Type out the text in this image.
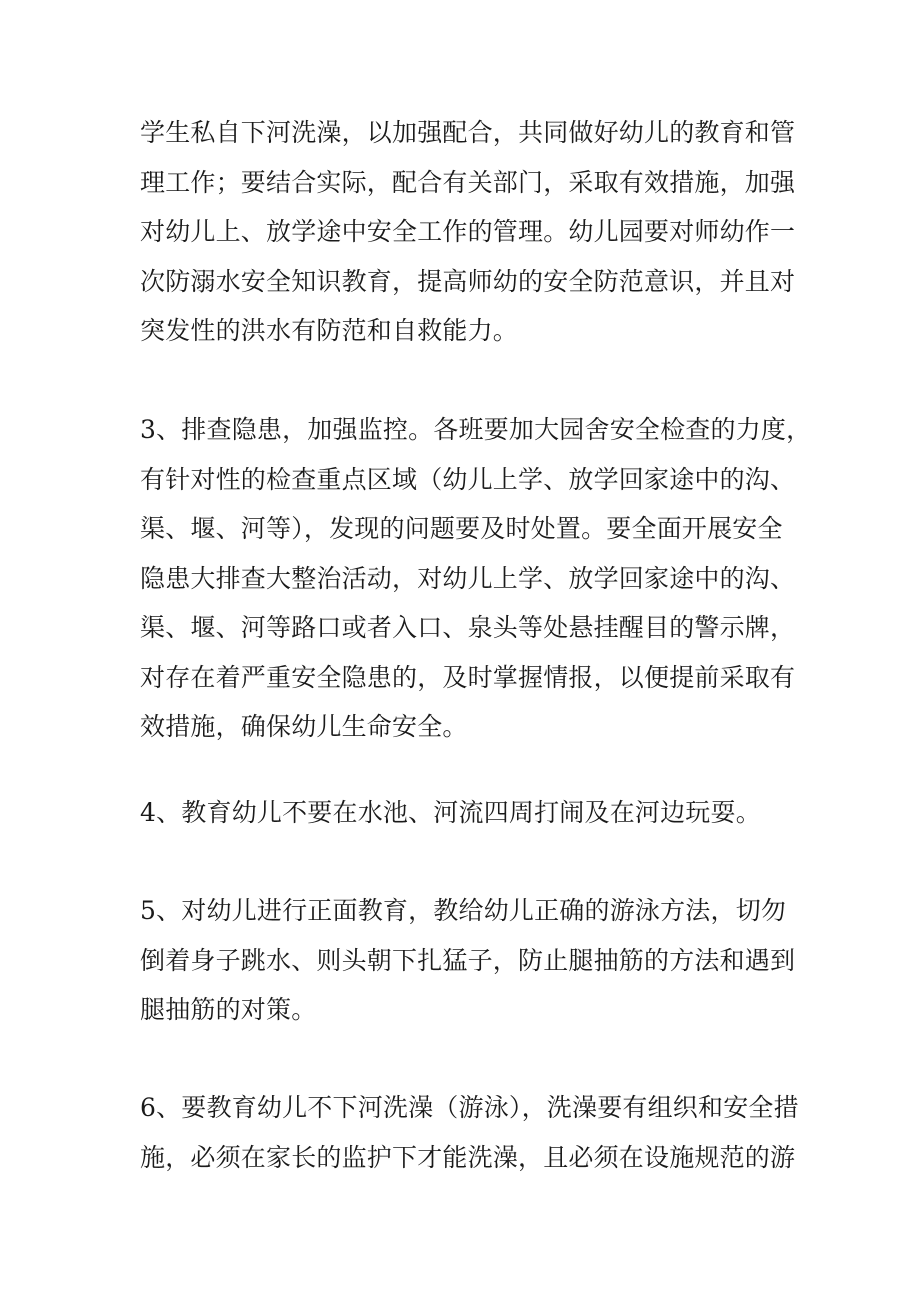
学生私自下河洗澡，以加强配合，共同做好幼儿的教育和管
理工作；要结合实际，配合有关部门，采取有效措施，加强
对幼儿上、放学途中安全工作的管理。幼儿园要对师幼作一
次防溺水安全知识教育，提高师幼的安全防范意识，并且对
突发性的洪水有防范和自救能力。

3、排查隐患，加强监控。各班要加大园舍安全检查的力度，
有针对性的检查重点区域（幼儿上学、放学回家途中的沟、
渠、堰、河等），发现的问题要及时处置。要全面开展安全
隐患大排查大整治活动，对幼儿上学、放学回家途中的沟、
渠、堰、河等路口或者入口、泉头等处悬挂醒目的警示牌，
对存在着严重安全隐患的，及时掌握情报，以便提前采取有
效措施，确保幼儿生命安全。

4、教育幼儿不要在水池、河流四周打闹及在河边玩耍。

5、对幼儿进行正面教育，教给幼儿正确的游泳方法，切勿
倒着身子跳水、则头朝下扎猛子，防止腿抽筋的方法和遇到
腿抽筋的对策。

6、要教育幼儿不下河洗澡（游泳），洗澡要有组织和安全措
施，必须在家长的监护下才能洗澡，且必须在设施规范的游
